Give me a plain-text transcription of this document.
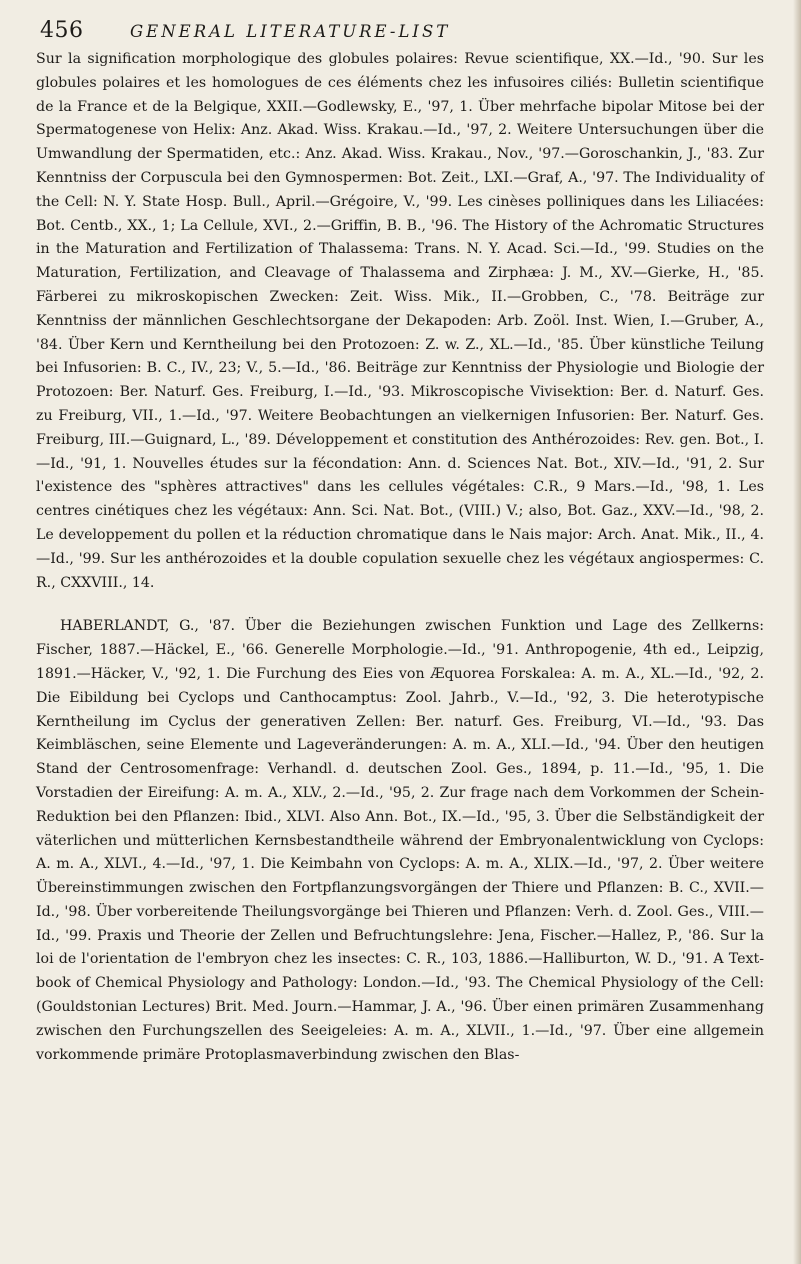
456	GENERAL LITERATURE-LIST

Sur la signification morphologique des globules polaires: Revue scientifique, XX.—Id., '90. Sur les globules polaires et les homologues de ces éléments chez les infusoires ciliés: Bulletin scientifique de la France et de la Belgique, XXII.—Godlewsky, E., '97, 1. Über mehrfache bipolar Mitose bei der Spermatogenese von Helix: Anz. Akad. Wiss. Krakau.—Id., '97, 2. Weitere Untersuchungen über die Umwandlung der Spermatiden, etc.: Anz. Akad. Wiss. Krakau., Nov., '97.—Goroschankin, J., '83. Zur Kenntniss der Corpuscula bei den Gymnospermen: Bot. Zeit., LXI.—Graf, A., '97. The Individuality of the Cell: N. Y. State Hosp. Bull., April.—Grégoire, V., '99. Les cinèses polliniques dans les Liliacées: Bot. Centb., XX., 1; La Cellule, XVI., 2.—Griffin, B. B., '96. The History of the Achromatic Structures in the Maturation and Fertilization of Thalassema: Trans. N. Y. Acad. Sci.—Id., '99. Studies on the Maturation, Fertilization, and Cleavage of Thalassema and Zirphæa: J. M., XV.—Gierke, H., '85. Färberei zu mikroskopischen Zwecken: Zeit. Wiss. Mik., II.—Grobben, C., '78. Beiträge zur Kenntniss der männlichen Geschlechtsorgane der Dekapoden: Arb. Zoöl. Inst. Wien, I.—Gruber, A., '84. Über Kern und Kerntheilung bei den Protozoen: Z. w. Z., XL.—Id., '85. Über künstliche Teilung bei Infusorien: B. C., IV., 23; V., 5.—Id., '86. Beiträge zur Kenntniss der Physiologie und Biologie der Protozoen: Ber. Naturf. Ges. Freiburg, I.—Id., '93. Mikroscopische Vivisektion: Ber. d. Naturf. Ges. zu Freiburg, VII., 1.—Id., '97. Weitere Beobachtungen an vielkernigen Infusorien: Ber. Naturf. Ges. Freiburg, III.—Guignard, L., '89. Développement et constitution des Anthérozoides: Rev. gen. Bot., I.—Id., '91, 1. Nouvelles études sur la fécondation: Ann. d. Sciences Nat. Bot., XIV.—Id., '91, 2. Sur l'existence des "sphères attractives" dans les cellules végétales: C.R., 9 Mars.—Id., '98, 1. Les centres cinétiques chez les végétaux: Ann. Sci. Nat. Bot., (VIII.) V.; also, Bot. Gaz., XXV.—Id., '98, 2. Le developpement du pollen et la réduction chromatique dans le Nais major: Arch. Anat. Mik., II., 4.—Id., '99. Sur les anthérozoides et la double copulation sexuelle chez les végétaux angiospermes: C. R., CXXVIII., 14.

HABERLANDT, G., '87. Über die Beziehungen zwischen Funktion und Lage des Zellkerns: Fischer, 1887.—Häckel, E., '66. Generelle Morphologie.—Id., '91. Anthropogenie, 4th ed., Leipzig, 1891.—Häcker, V., '92, 1. Die Furchung des Eies von Æquorea Forskalea: A. m. A., XL.—Id., '92, 2. Die Eibildung bei Cyclops und Canthocamptus: Zool. Jahrb., V.—Id., '92, 3. Die heterotypische Kerntheilung im Cyclus der generativen Zellen: Ber. naturf. Ges. Freiburg, VI.—Id., '93. Das Keimbläschen, seine Elemente und Lageveränderungen: A. m. A., XLI.—Id., '94. Über den heutigen Stand der Centrosomenfrage: Verhandl. d. deutschen Zool. Ges., 1894, p. 11.—Id., '95, 1. Die Vorstadien der Eireifung: A. m. A., XLV., 2.—Id., '95, 2. Zur frage nach dem Vorkommen der Schein-Reduktion bei den Pflanzen: Ibid., XLVI. Also Ann. Bot., IX.—Id., '95, 3. Über die Selbständigkeit der väterlichen und mütterlichen Kernsbestandtheile während der Embryonalentwicklung von Cyclops: A. m. A., XLVI., 4.—Id., '97, 1. Die Keimbahn von Cyclops: A. m. A., XLIX.—Id., '97, 2. Über weitere Übereinstimmungen zwischen den Fortpflanzungsvorgängen der Thiere und Pflanzen: B. C., XVII.—Id., '98. Über vorbereitende Theilungsvorgänge bei Thieren und Pflanzen: Verh. d. Zool. Ges., VIII.—Id., '99. Praxis und Theorie der Zellen und Befruchtungslehre: Jena, Fischer.—Hallez, P., '86. Sur la loi de l'orientation de l'embryon chez les insectes: C. R., 103, 1886.—Halliburton, W. D., '91. A Text-book of Chemical Physiology and Pathology: London.—Id., '93. The Chemical Physiology of the Cell: (Gouldstonian Lectures) Brit. Med. Journ.—Hammar, J. A., '96. Über einen primären Zusammenhang zwischen den Furchungszellen des Seeigeleies: A. m. A., XLVII., 1.—Id., '97. Über eine allgemein vorkommende primäre Protoplasmaverbindung zwischen den Blas-
